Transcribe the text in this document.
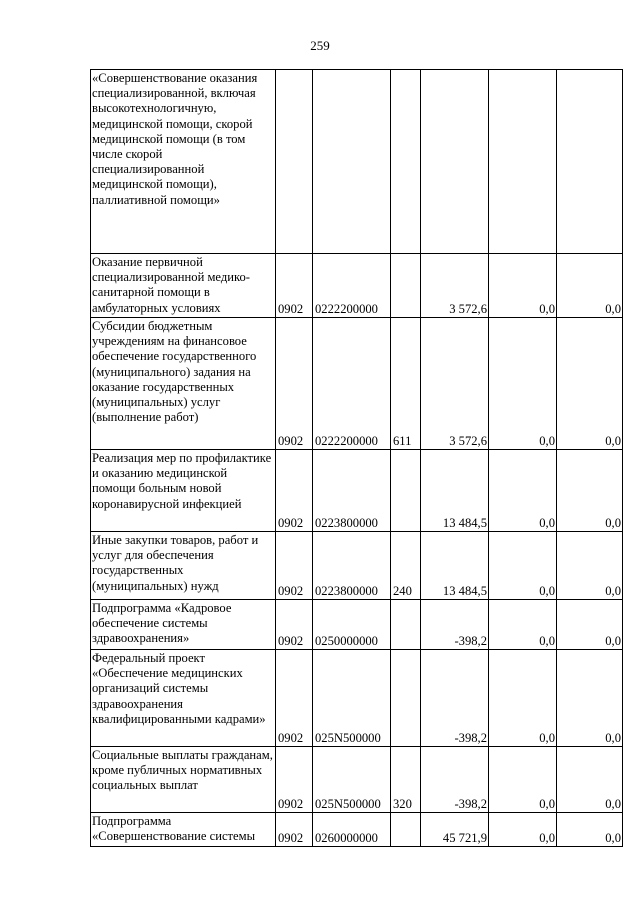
259
«Совершенствование оказания специализированной, включая высокотехнологичную, медицинской помощи, скорой медицинской помощи (в том числе скорой специализированной медицинской помощи), паллиативной помощи»						
Оказание первичной специализированной медико-санитарной помощи в амбулаторных условиях	0902	0222200000		3 572,6	0,0	0,0
Субсидии бюджетным учреждениям на финансовое обеспечение государственного (муниципального) задания на оказание государственных (муниципальных) услуг (выполнение работ)	0902	0222200000	611	3 572,6	0,0	0,0
Реализация мер по профилактике и оказанию медицинской помощи больным новой коронавирусной инфекцией	0902	0223800000		13 484,5	0,0	0,0
Иные закупки товаров, работ и услуг для обеспечения государственных (муниципальных) нужд	0902	0223800000	240	13 484,5	0,0	0,0
Подпрограмма «Кадровое обеспечение системы здравоохранения»	0902	0250000000		-398,2	0,0	0,0
Федеральный проект «Обеспечение медицинских организаций системы здравоохранения квалифицированными кадрами»	0902	025N500000		-398,2	0,0	0,0
Социальные выплаты гражданам, кроме публичных нормативных социальных выплат	0902	025N500000	320	-398,2	0,0	0,0
Подпрограмма «Совершенствование системы	0902	0260000000		45 721,9	0,0	0,0
